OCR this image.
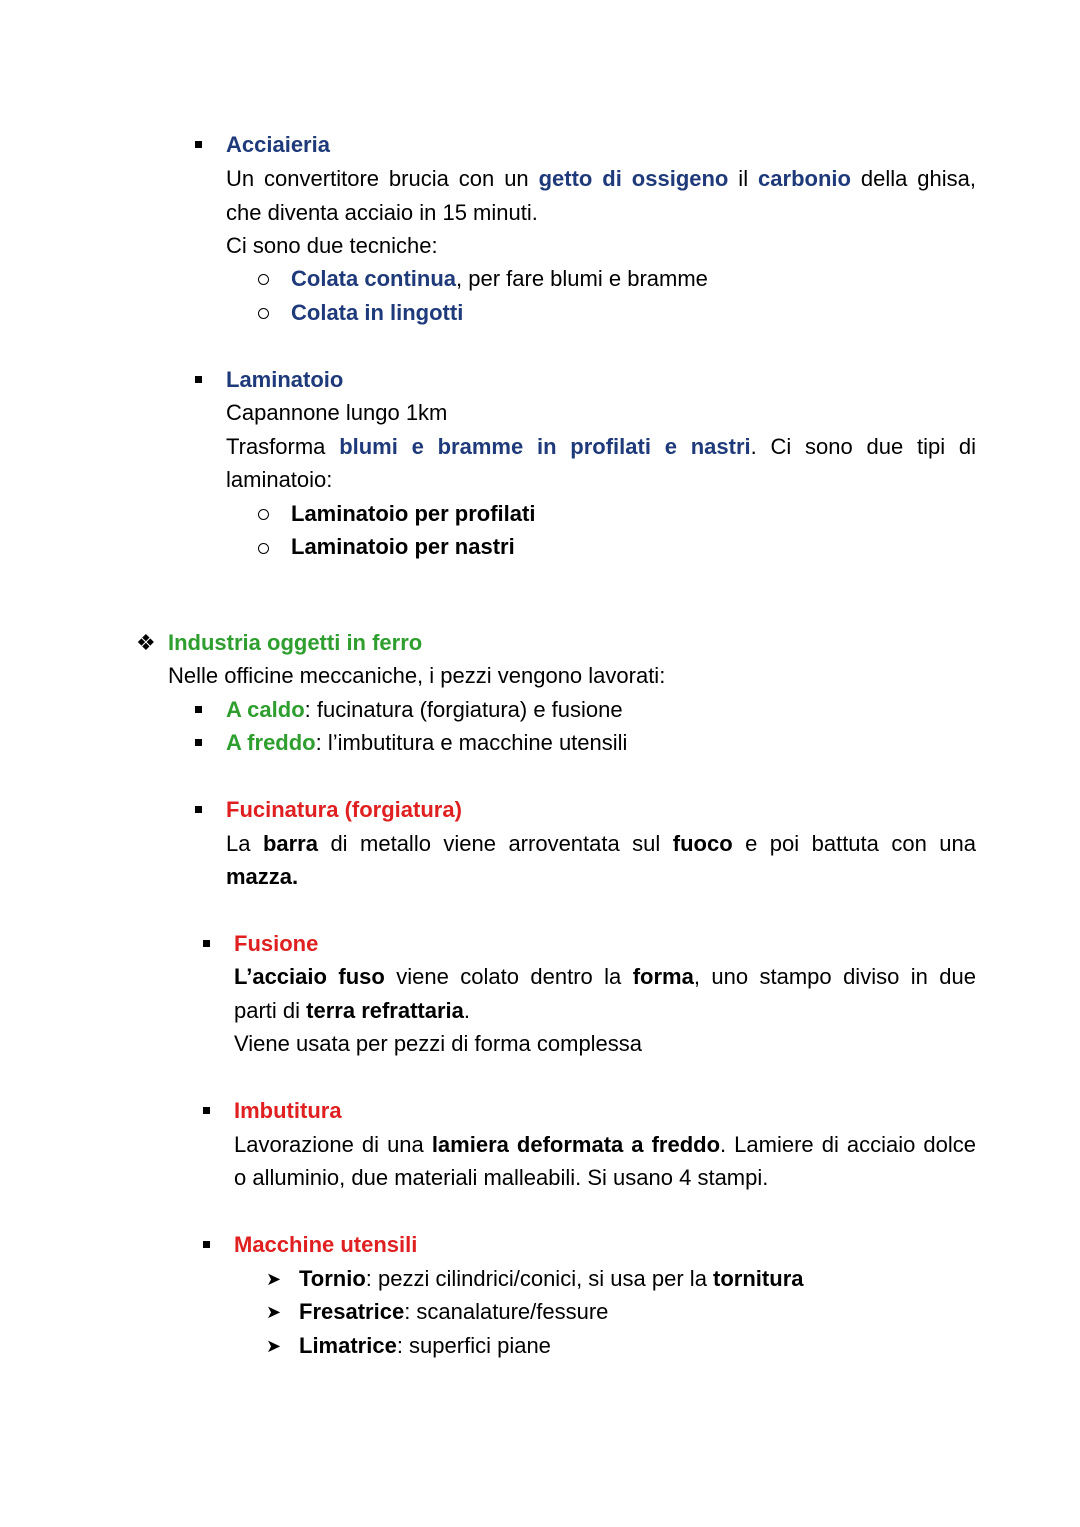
Acciaieria
Un convertitore brucia con un getto di ossigeno il carbonio della ghisa,
che diventa acciaio in 15 minuti.
Ci sono due tecniche:
Colata continua, per fare blumi e bramme
Colata in lingotti
Laminatoio
Capannone lungo 1km
Trasforma blumi e bramme in profilati e nastri. Ci sono due tipi di
laminatoio:
Laminatoio per profilati
Laminatoio per nastri
❖ Industria oggetti in ferro
Nelle officine meccaniche, i pezzi vengono lavorati:
A caldo: fucinatura (forgiatura) e fusione
A freddo: l’imbutitura e macchine utensili
Fucinatura (forgiatura)
La barra di metallo viene arroventata sul fuoco e poi battuta con una
mazza.
Fusione
L’acciaio fuso viene colato dentro la forma, uno stampo diviso in due
parti di terra refrattaria.
Viene usata per pezzi di forma complessa
Imbutitura
Lavorazione di una lamiera deformata a freddo. Lamiere di acciaio dolce
o alluminio, due materiali malleabili. Si usano 4 stampi.
Macchine utensili
➤ Tornio: pezzi cilindrici/conici, si usa per la tornitura
➤ Fresatrice: scanalature/fessure
➤ Limatrice: superfici piane
